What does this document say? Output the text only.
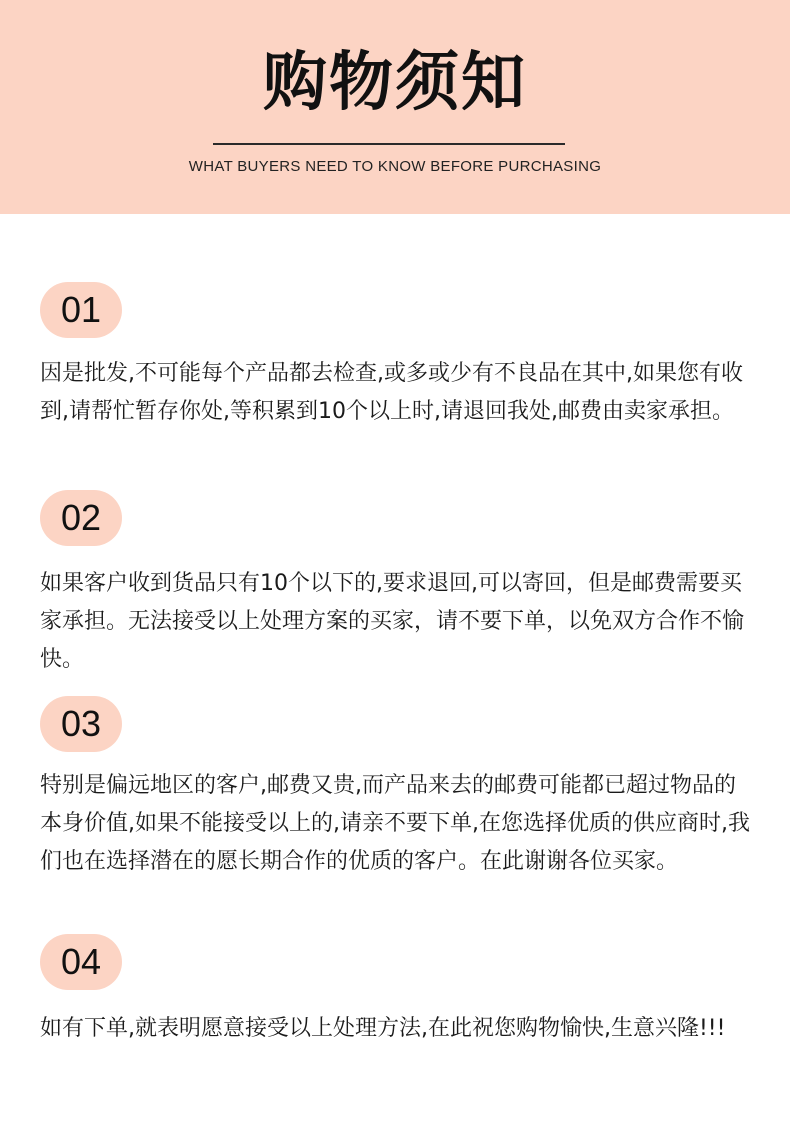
购物须知
WHAT BUYERS NEED TO KNOW BEFORE PURCHASING
01

因是批发,不可能每个产品都去检查,或多或少有不良品在其中,如果您有收到,请帮忙暂存你处,等积累到10个以上时,请退回我处,邮费由卖家承担。

02

如果客户收到货品只有10个以下的,要求退回,可以寄回，但是邮费需要买家承担。无法接受以上处理方案的买家，请不要下单，以免双方合作不愉快。

03

特别是偏远地区的客户,邮费又贵,而产品来去的邮费可能都已超过物品的本身价值,如果不能接受以上的,请亲不要下单,在您选择优质的供应商时,我们也在选择潜在的愿长期合作的优质的客户。在此谢谢各位买家。

04

如有下单,就表明愿意接受以上处理方法,在此祝您购物愉快,生意兴隆!!!
